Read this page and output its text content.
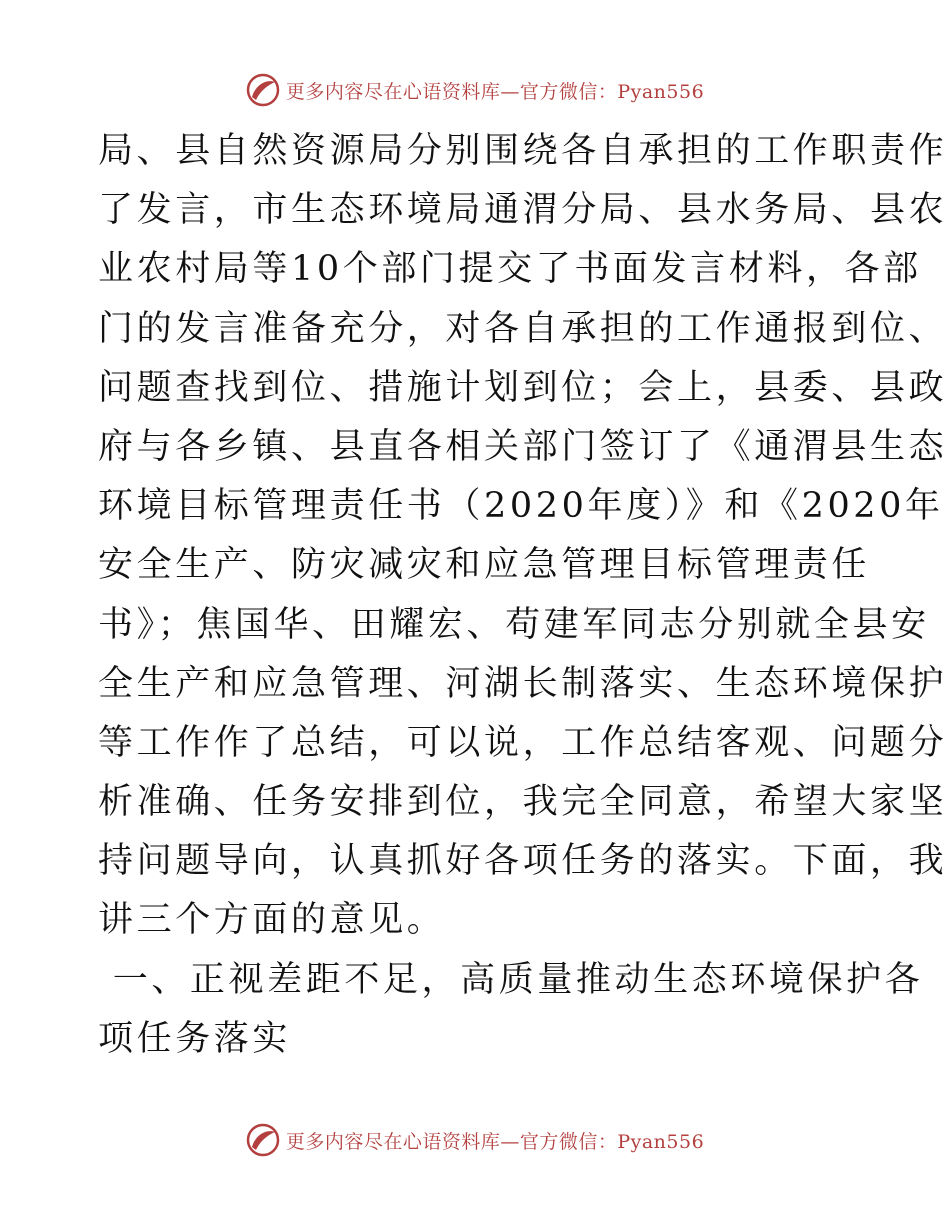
更多内容尽在心语资料库—官方微信：Pyan556
局、县自然资源局分别围绕各自承担的工作职责作
了发言，市生态环境局通渭分局、县水务局、县农
业农村局等10个部门提交了书面发言材料，各部
门的发言准备充分，对各自承担的工作通报到位、
问题查找到位、措施计划到位；会上，县委、县政
府与各乡镇、县直各相关部门签订了《通渭县生态
环境目标管理责任书（2020年度）》和《2020年
安全生产、防灾减灾和应急管理目标管理责任
书》；焦国华、田耀宏、苟建军同志分别就全县安
全生产和应急管理、河湖长制落实、生态环境保护
等工作作了总结，可以说，工作总结客观、问题分
析准确、任务安排到位，我完全同意，希望大家坚
持问题导向，认真抓好各项任务的落实。下面，我
讲三个方面的意见。
一、正视差距不足，高质量推动生态环境保护各
项任务落实
更多内容尽在心语资料库—官方微信：Pyan556
